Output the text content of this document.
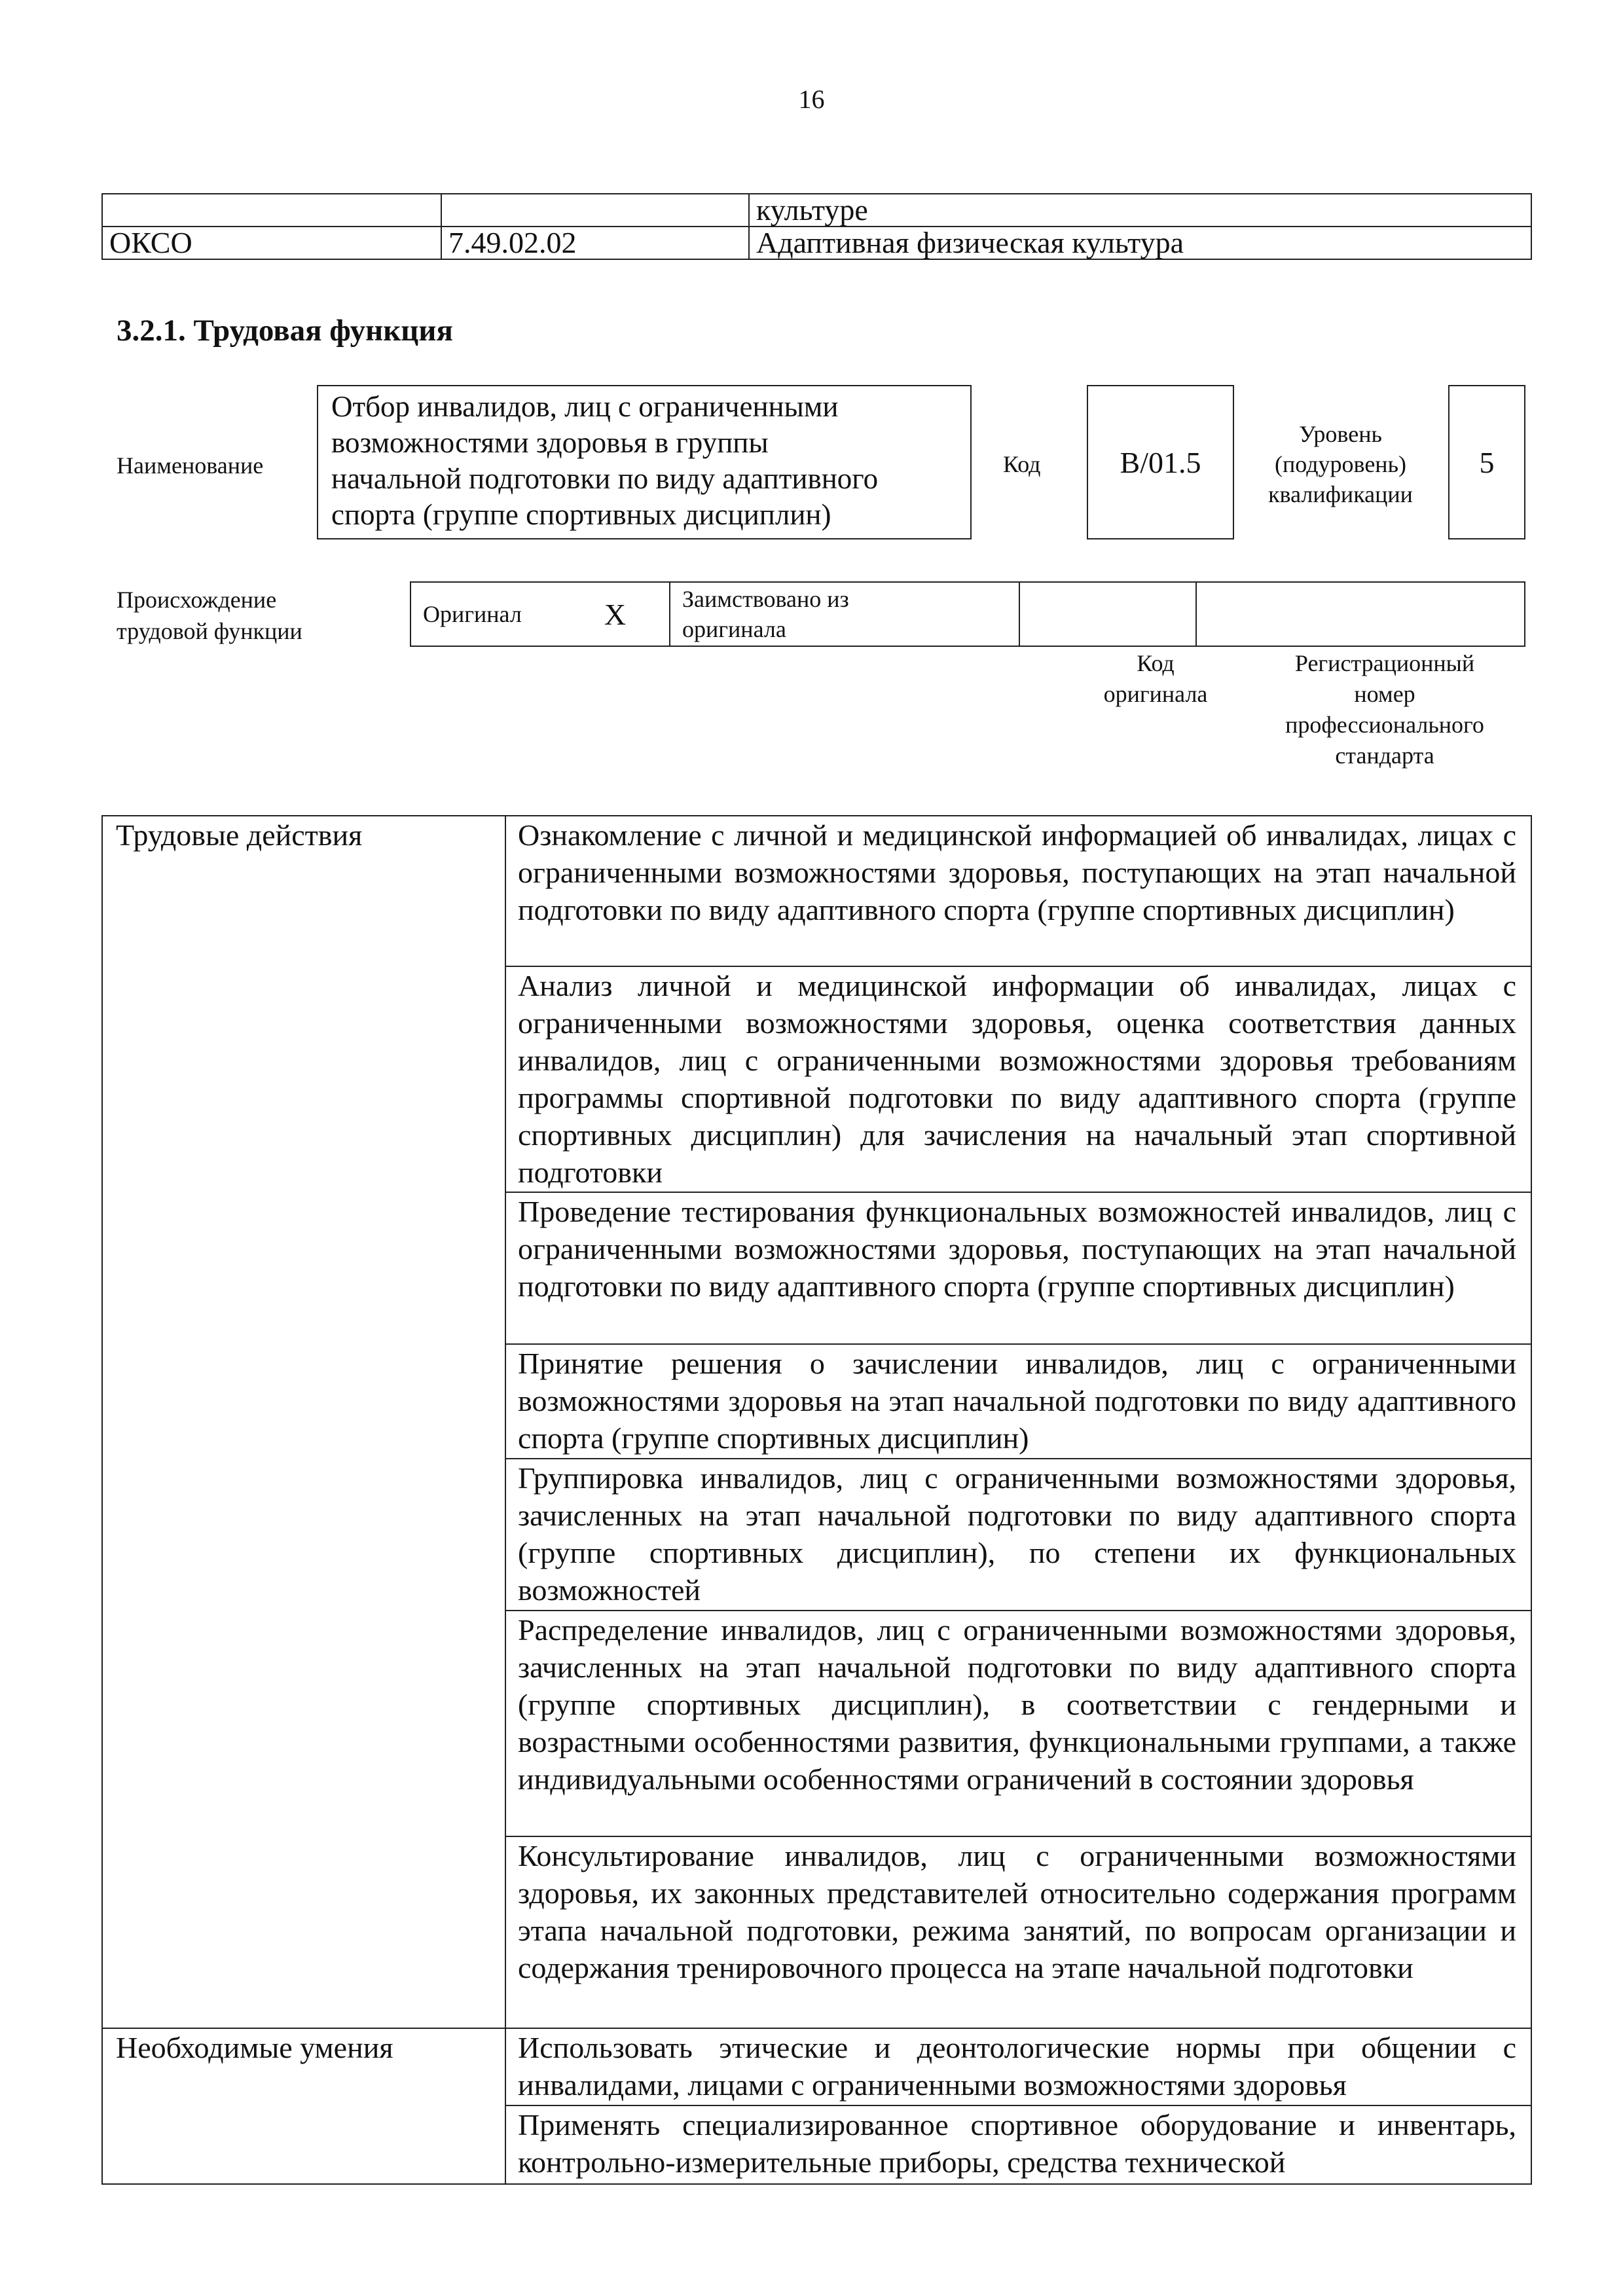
16
		культуре
ОКСО	7.49.02.02	Адаптивная физическая культура
3.2.1. Трудовая функция
Наименование
Отбор инвалидов, лиц с ограниченными
возможностями здоровья в группы
начальной подготовки по виду адаптивного
спорта (группе спортивных дисциплин)
Код	B/01.5
Уровень
(подуровень)
квалификации
5
Происхождение
трудовой функции
Оригинал	X	Заимствовано из
оригинала

Код
оригинала
Регистрационный
номер
профессионального
стандарта
Трудовые действия	Ознакомление с личной и медицинской информацией об инвалидах, лицах с ограниченными возможностями здоровья, поступающих на этап начальной подготовки по виду адаптивного спорта (группе спортивных дисциплин)
	Анализ личной и медицинской информации об инвалидах, лицах с ограниченными возможностями здоровья, оценка соответствия данных инвалидов, лиц с ограниченными возможностями здоровья требованиям программы спортивной подготовки по виду адаптивного спорта (группе спортивных дисциплин) для зачисления на начальный этап спортивной подготовки
	Проведение тестирования функциональных возможностей инвалидов, лиц с ограниченными возможностями здоровья, поступающих на этап начальной подготовки по виду адаптивного спорта (группе спортивных дисциплин)
	Принятие решения о зачислении инвалидов, лиц с ограниченными возможностями здоровья на этап начальной подготовки по виду адаптивного спорта (группе спортивных дисциплин)
	Группировка инвалидов, лиц с ограниченными возможностями здоровья, зачисленных на этап начальной подготовки по виду адаптивного спорта (группе спортивных дисциплин), по степени их функциональных возможностей
	Распределение инвалидов, лиц с ограниченными возможностями здоровья, зачисленных на этап начальной подготовки по виду адаптивного спорта (группе спортивных дисциплин), в соответствии с гендерными и возрастными особенностями развития, функциональными группами, а также индивидуальными особенностями ограничений в состоянии здоровья
	Консультирование инвалидов, лиц с ограниченными возможностями здоровья, их законных представителей относительно содержания программ этапа начальной подготовки, режима занятий, по вопросам организации и содержания тренировочного процесса на этапе начальной подготовки
Необходимые умения	Использовать этические и деонтологические нормы при общении с инвалидами, лицами с ограниченными возможностями здоровья
	Применять специализированное спортивное оборудование и инвентарь, контрольно-измерительные приборы, средства технической
